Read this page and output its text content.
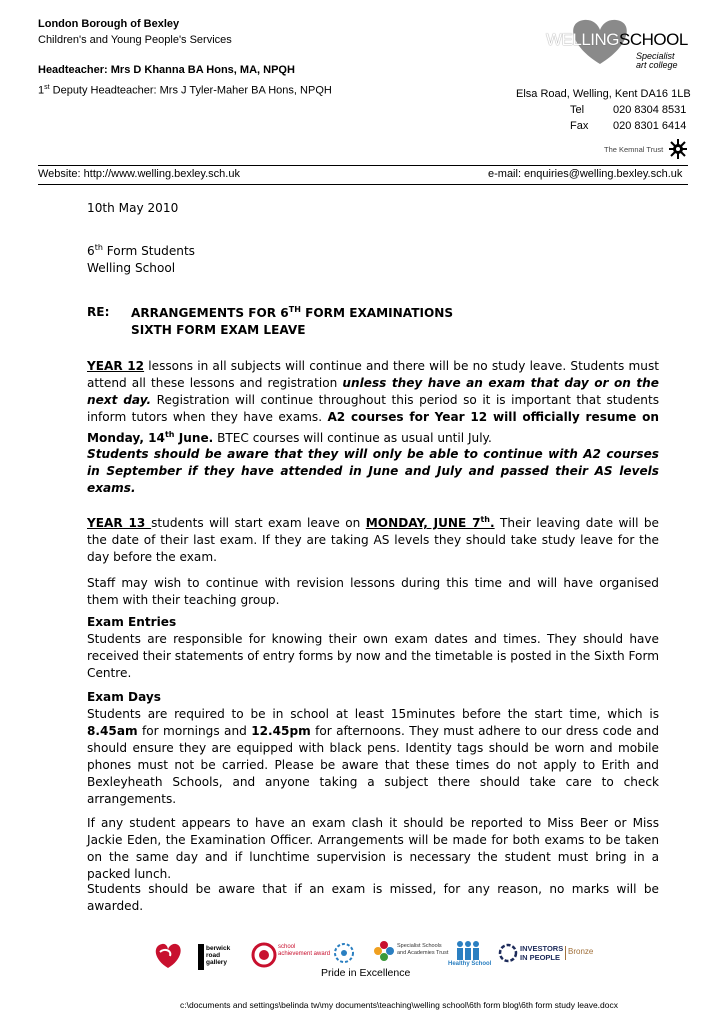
London Borough of Bexley
Children's and Young People's Services
Headteacher: Mrs D Khanna BA Hons, MA, NPQH
1st Deputy Headteacher: Mrs J Tyler-Maher BA Hons, NPQH
WELLINGSCHOOL
Specialist
art college
Elsa Road, Welling, Kent DA16 1LB
Tel	020 8304 8531
Fax 020 8301 6414
The Kemnal Trust
Website: http://www.welling.bexley.sch.uk	e-mail: enquiries@welling.bexley.sch.uk
10th May 2010
6th Form Students
Welling School
RE: ARRANGEMENTS FOR 6TH FORM EXAMINATIONS
SIXTH FORM EXAM LEAVE
YEAR 12 lessons in all subjects will continue and there will be no study leave. Students must attend all these lessons and registration unless they have an exam that day or on the next day. Registration will continue throughout this period so it is important that students inform tutors when they have exams. A2 courses for Year 12 will officially resume on Monday, 14th June. BTEC courses will continue as usual until July.
Students should be aware that they will only be able to continue with A2 courses in September if they have attended in June and July and passed their AS levels exams.
YEAR 13 students will start exam leave on MONDAY, JUNE 7th. Their leaving date will be the date of their last exam. If they are taking AS levels they should take study leave for the day before the exam.
Staff may wish to continue with revision lessons during this time and will have organised them with their teaching group.
Exam Entries
Students are responsible for knowing their own exam dates and times. They should have received their statements of entry forms by now and the timetable is posted in the Sixth Form Centre.
Exam Days
Students are required to be in school at least 15minutes before the start time, which is 8.45am for mornings and 12.45pm for afternoons. They must adhere to our dress code and should ensure they are equipped with black pens. Identity tags should be worn and mobile phones must not be carried. Please be aware that these times do not apply to Erith and Bexleyheath Schools, and anyone taking a subject there should take care to check arrangements.
If any student appears to have an exam clash it should be reported to Miss Beer or Miss Jackie Eden, the Examination Officer. Arrangements will be made for both exams to be taken on the same day and if lunchtime supervision is necessary the student must bring in a packed lunch.
Students should be aware that if an exam is missed, for any reason, no marks will be awarded.
berwick
road
gallery
school
achievement award
Specialist Schools
and Academies Trust
Healthy School
INVESTORS
IN PEOPLE
Bronze
Pride in Excellence
c:\documents and settings\belinda tw\my documents\teaching\welling school\6th form blog\6th form study leave.docx
